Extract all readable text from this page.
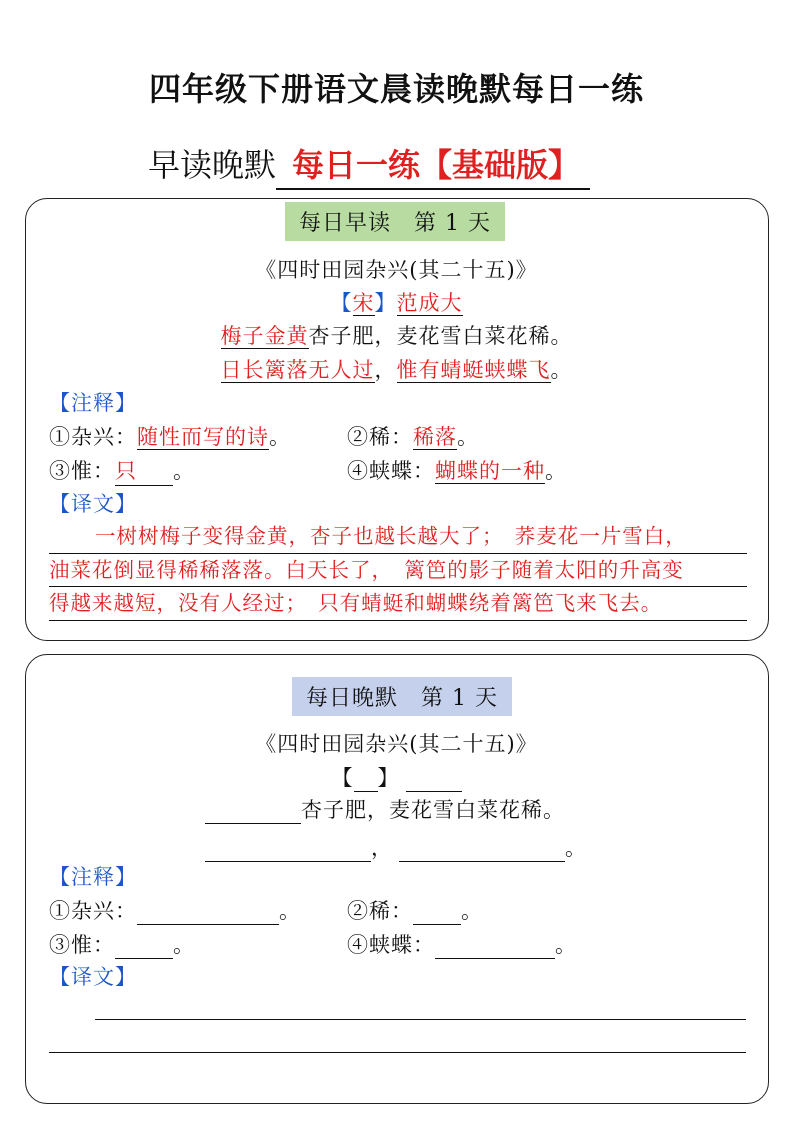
四年级下册语文晨读晚默每日一练
早读晚默 每日一练【基础版】
每日早读　第 1 天
《四时田园杂兴(其二十五)》
【宋】范成大
梅子金黄杏子肥，麦花雪白菜花稀。
日长篱落无人过，惟有蜻蜓蛱蝶飞。
【注释】
①杂兴：随性而写的诗。	②稀：稀落。
③惟：只 。	④蛱蝶：蝴蝶的一种。
【译文】
一树树梅子变得金黄，杏子也越长越大了；　荞麦花一片雪白，
油菜花倒显得稀稀落落。白天长了，　篱笆的影子随着太阳的升高变
得越来越短，没有人经过；　只有蜻蜓和蝴蝶绕着篱笆飞来飞去。
每日晚默　第 1 天
《四时田园杂兴(其二十五)》
【 】
杏子肥，麦花雪白菜花稀。
，	。
【注释】
①杂兴：	。 ②稀： 。
③惟：	。	④蛱蝶：	。
【译文】
